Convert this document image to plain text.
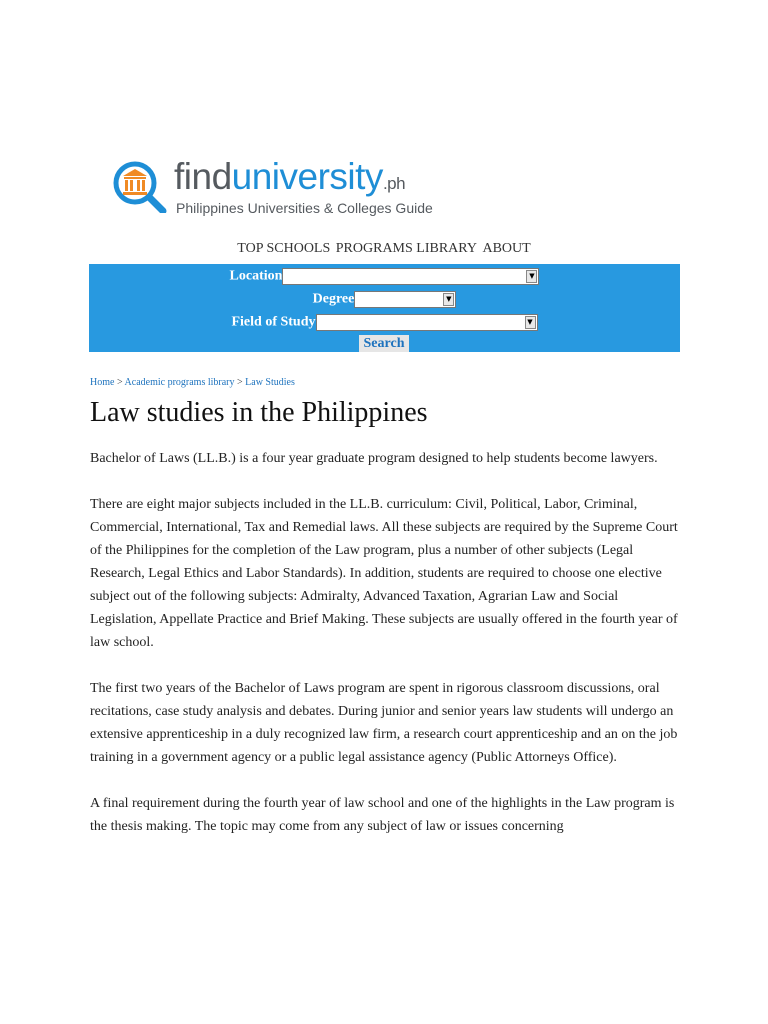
finduniversity.ph
Philippines Universities & Colleges Guide
TOP SCHOOLS PROGRAMS LIBRARY ABOUT
Location	▼
Degree	▼
Field of Study	▼
Search
Home > Academic programs library > Law Studies
Law studies in the Philippines

Bachelor of Laws (LL.B.) is a four year graduate program designed to help students become lawyers.

There are eight major subjects included in the LL.B. curriculum: Civil, Political, Labor, Criminal, Commercial, International, Tax and Remedial laws. All these subjects are required by the Supreme Court of the Philippines for the completion of the Law program, plus a number of other subjects (Legal Research, Legal Ethics and Labor Standards). In addition, students are required to choose one elective subject out of the following subjects: Admiralty, Advanced Taxation, Agrarian Law and Social Legislation, Appellate Practice and Brief Making. These subjects are usually offered in the fourth year of law school.

The first two years of the Bachelor of Laws program are spent in rigorous classroom discussions, oral recitations, case study analysis and debates. During junior and senior years law students will undergo an extensive apprenticeship in a duly recognized law firm, a research court apprenticeship and an on the job training in a government agency or a public legal assistance agency (Public Attorneys Office).

A final requirement during the fourth year of law school and one of the highlights in the Law program is the thesis making. The topic may come from any subject of law or issues concerning
